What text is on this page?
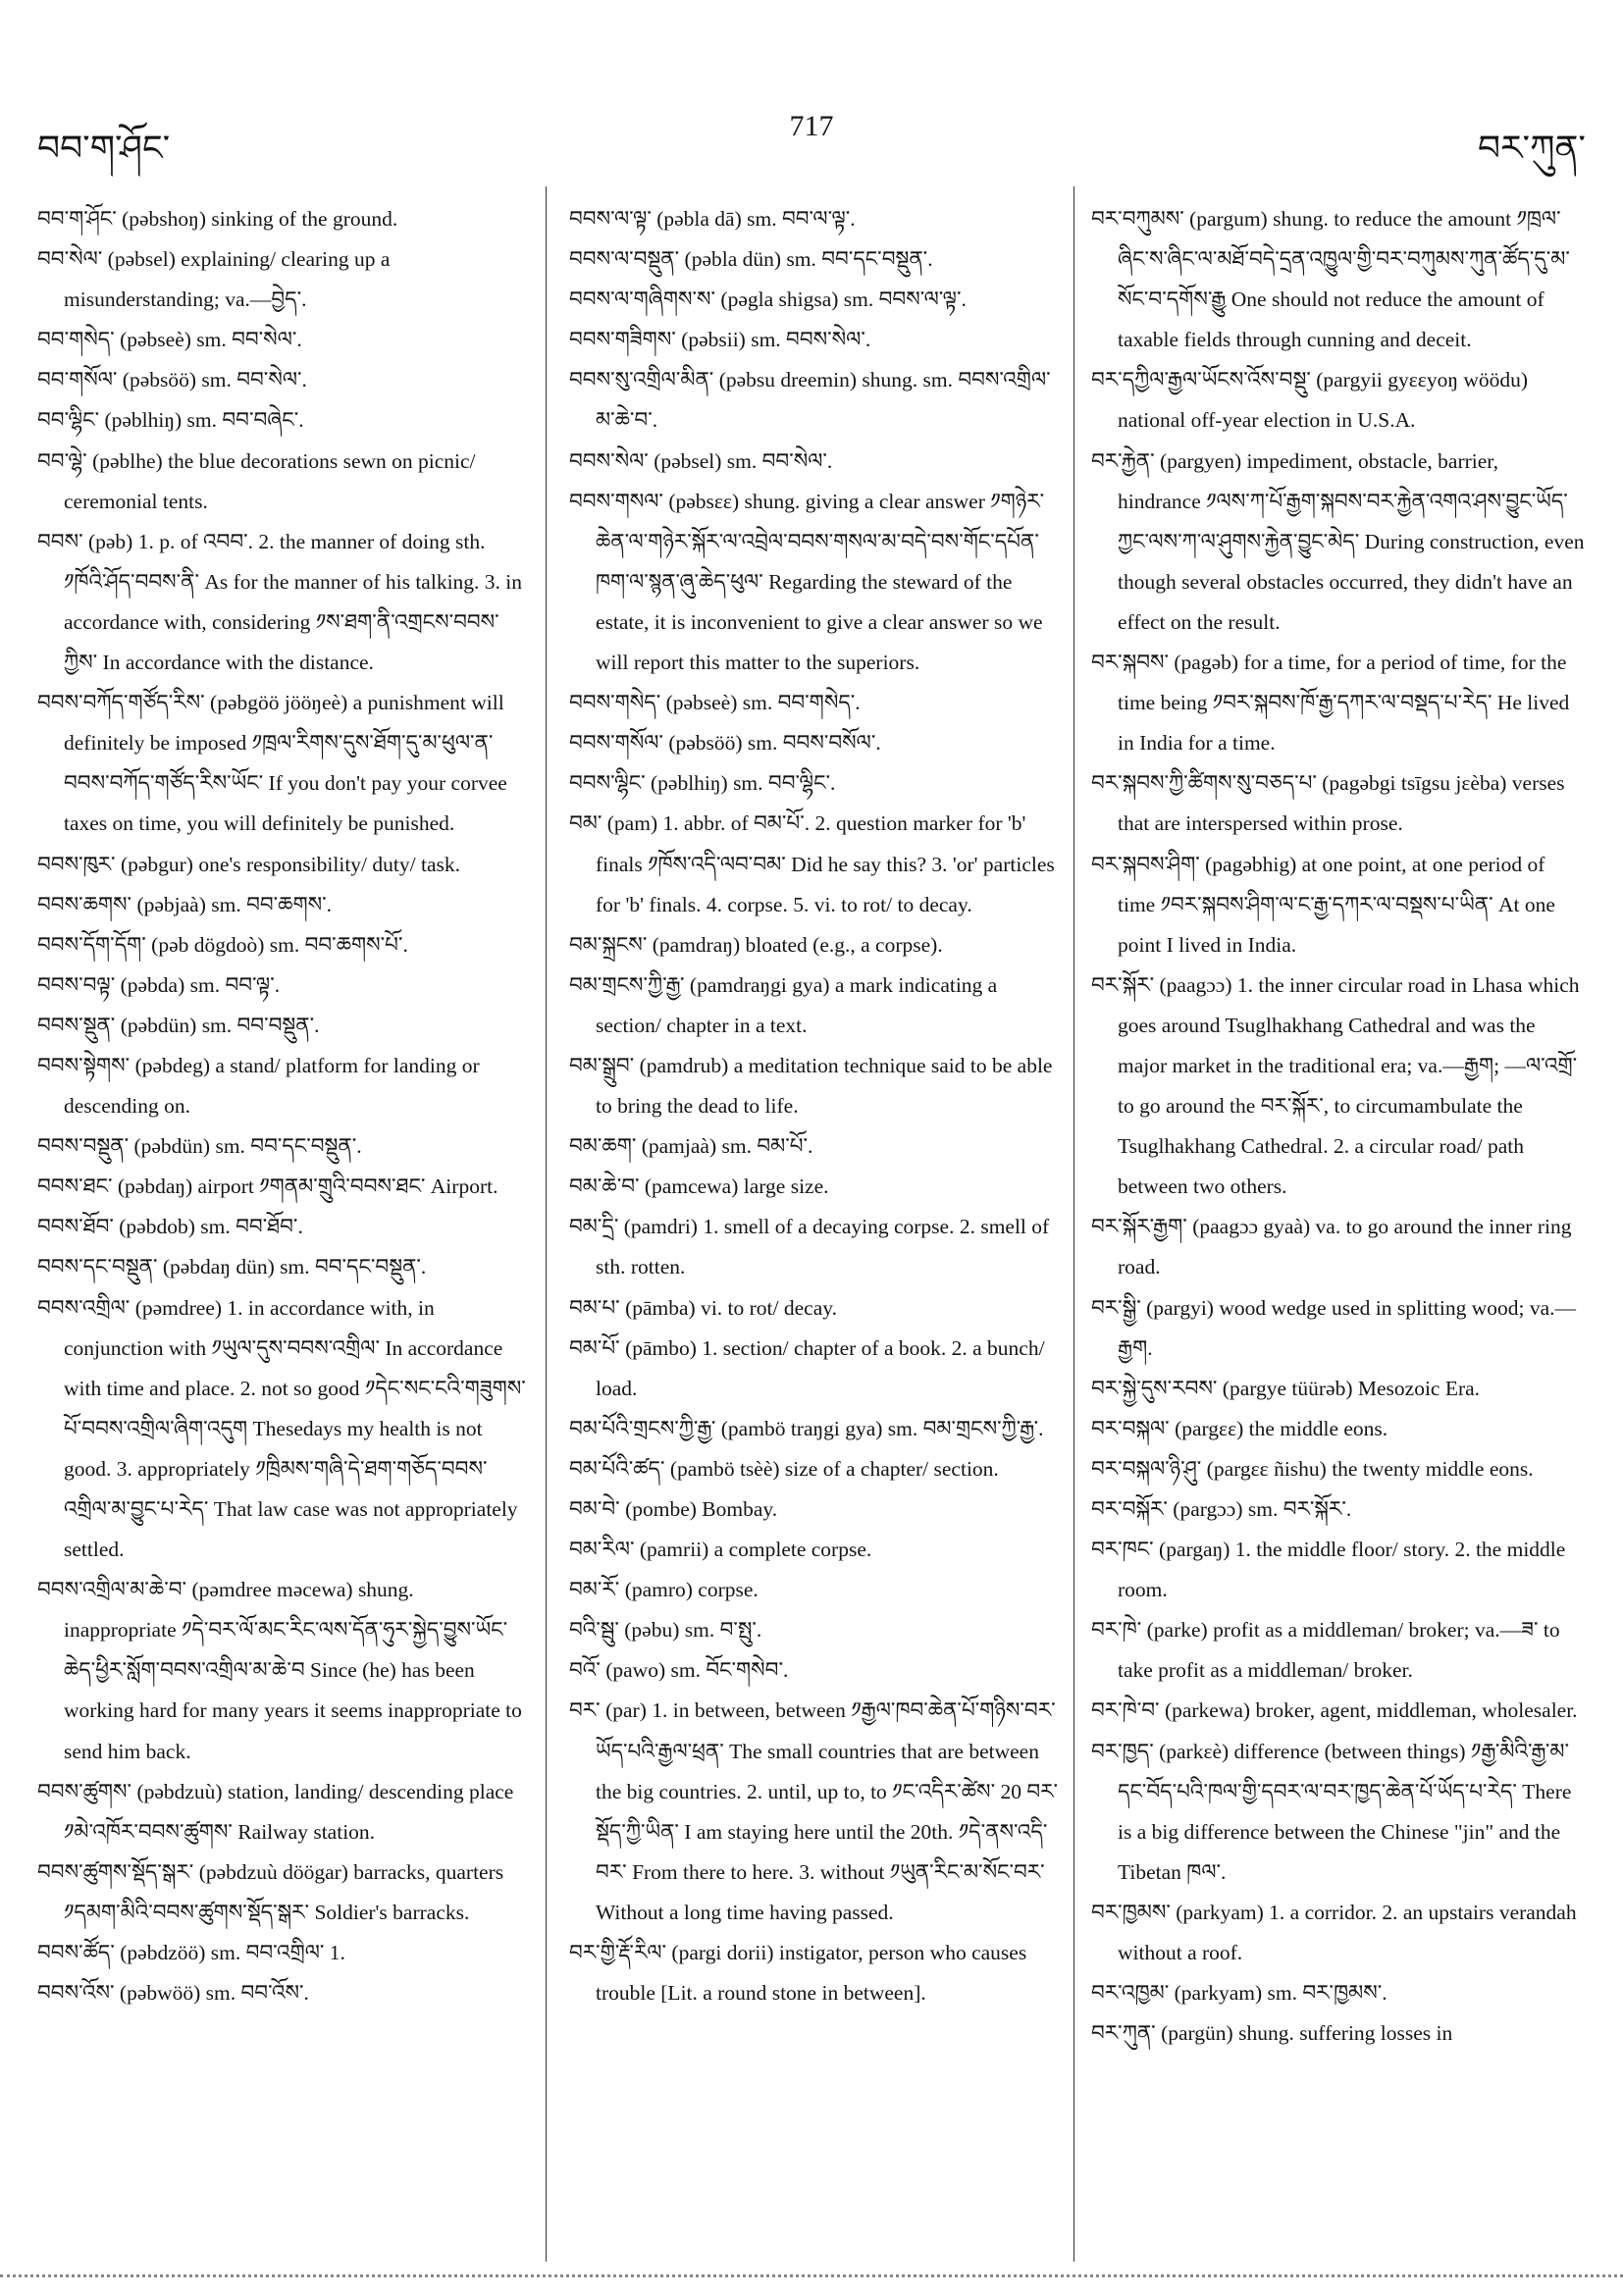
བབ་ག་ཤོང་
717
བར་ཀུན་

བབ་ག་ཤོང་ (pəbshoŋ) sinking of the ground.

བབ་སེལ་ (pəbsel) explaining/ clearing up a misunderstanding; va.—བྱེད་.

བབ་གསེད་ (pəbseè) sm. བབ་སེལ་.

བབ་གསོལ་ (pəbsöö) sm. བབ་སེལ་.

བབ་ལྷིང་ (pəblhiŋ) sm. བབ་བཞེང་.

བབ་ལྷེ་ (pəblhe) the blue decorations sewn on picnic/ ceremonial tents.

བབས་ (pəb) 1. p. of འབབ་. 2. the manner of doing sth. ༡ཁོའི་ཤོད་བབས་ནི་ As for the manner of his talking. 3. in accordance with, considering ༡ས་ཐག་ནི་འགྲངས་བབས་ཀྱིས་ In accordance with the distance.

བབས་བཀོད་གཙོད་རིས་ (pəbgöö jööŋeè) a punishment will definitely be imposed ༡ཁྲལ་རིགས་དུས་ཐོག་དུ་མ་ཕུལ་ན་བབས་བཀོད་གཙོད་རིས་ཡོང་ If you don't pay your corvee taxes on time, you will definitely be punished.

བབས་ཁུར་ (pəbgur) one's responsibility/ duty/ task.

བབས་ཆགས་ (pəbjaà) sm. བབ་ཆགས་.

བབས་དོག་དོག་ (pəb dögdoò) sm. བབ་ཆགས་པོ་.

བབས་བལྟ་ (pəbda) sm. བབ་ལྟ་.

བབས་སྡུན་ (pəbdün) sm. བབ་བསྡུན་.

བབས་སྟེགས་ (pəbdeg) a stand/ platform for landing or descending on.

བབས་བསྡུན་ (pəbdün) sm. བབ་དང་བསྡུན་.

བབས་ཐང་ (pəbdaŋ) airport ༡གནམ་གྲུའི་བབས་ཐང་ Airport.

བབས་ཐོབ་ (pəbdob) sm. བབ་ཐོབ་.

བབས་དང་བསྡུན་ (pəbdaŋ dün) sm. བབ་དང་བསྡུན་.

བབས་འགྲིལ་ (pəmdree) 1. in accordance with, in conjunction with ༡ཡུལ་དུས་བབས་འགྲིལ་ In accordance with time and place. 2. not so good ༡དེང་སང་ངའི་གཟུགས་པོ་བབས་འགྲིལ་ཞིག་འདུག Thesedays my health is not good. 3. appropriately ༡ཁྲིམས་གཞི་དེ་ཐག་གཅོད་བབས་འགྲིལ་མ་བྱུང་པ་རེད་ That law case was not appropriately settled.

བབས་འགྲིལ་མ་ཆེ་བ་ (pəmdree məcewa) shung. inappropriate ༡དེ་བར་ལོ་མང་རིང་ལས་དོན་ཧུར་སྐྱེད་བྱུས་ཡོང་ཆེད་ཕྱིར་སློག་བབས་འགྲིལ་མ་ཆེ་བ Since (he) has been working hard for many years it seems inappropriate to send him back.

བབས་ཚུགས་ (pəbdzuù) station, landing/ descending place ༡མེ་འཁོར་བབས་ཚུགས་ Railway station.

བབས་ཚུགས་སྡོད་སྒར་ (pəbdzuù döögar) barracks, quarters ༡དམག་མིའི་བབས་ཚུགས་སྡོད་སྒར་ Soldier's barracks.

བབས་ཚོད་ (pəbdzöö) sm. བབ་འགྲིལ་ 1.

བབས་འོས་ (pəbwöö) sm. བབ་འོས་.

བབས་ལ་ལྟ་ (pəbla dā) sm. བབ་ལ་ལྟ་.

བབས་ལ་བསྡུན་ (pəbla dün) sm. བབ་དང་བསྡུན་.

བབས་ལ་གཞིགས་ས་ (pəgla shigsa) sm. བབས་ལ་ལྟ་.

བབས་གཟིགས་ (pəbsii) sm. བབས་སེལ་.

བབས་སུ་འགྲིལ་མིན་ (pəbsu dreemin) shung. sm. བབས་འགྲིལ་མ་ཆེ་བ་.

བབས་སེལ་ (pəbsel) sm. བབ་སེལ་.

བབས་གསལ་ (pəbsεε) shung. giving a clear answer ༡གཉེར་ཆེན་ལ་གཉེར་སྐོར་ལ་འབྲེལ་བབས་གསལ་མ་བདེ་བས་གོང་དཔོན་ཁག་ལ་སྙན་ཞུ་ཆེད་ཕུལ་ Regarding the steward of the estate, it is inconvenient to give a clear answer so we will report this matter to the superiors.

བབས་གསེད་ (pəbseè) sm. བབ་གསེད་.

བབས་གསོལ་ (pəbsöö) sm. བབས་བསོལ་.

བབས་ལྷིང་ (pəblhiŋ) sm. བབ་ལྷིང་.

བམ་ (pam) 1. abbr. of བམ་པོ་. 2. question marker for 'b' finals ༡ཁོས་འདི་ལབ་བམ་ Did he say this? 3. 'or' particles for 'b' finals. 4. corpse. 5. vi. to rot/ to decay.

བམ་སྐྲངས་ (pamdraŋ) bloated (e.g., a corpse).

བམ་གྲངས་ཀྱི་རྒྱ་ (pamdraŋgi gya) a mark indicating a section/ chapter in a text.

བམ་སྒྲུབ་ (pamdrub) a meditation technique said to be able to bring the dead to life.

བམ་ཆག་ (pamjaà) sm. བམ་པོ་.

བམ་ཆེ་བ་ (pamcewa) large size.

བམ་དྲི་ (pamdri) 1. smell of a decaying corpse. 2. smell of sth. rotten.

བམ་པ་ (pāmba) vi. to rot/ decay.

བམ་པོ་ (pāmbo) 1. section/ chapter of a book. 2. a bunch/ load.

བམ་པོའི་གྲངས་ཀྱི་རྒྱ་ (pambö traŋgi gya) sm. བམ་གྲངས་ཀྱི་རྒྱ་.

བམ་པོའི་ཚད་ (pambö tsèè) size of a chapter/ section.

བམ་བེ་ (pombe) Bombay.

བམ་རིལ་ (pamrii) a complete corpse.

བམ་རོ་ (pamro) corpse.

བའི་སྦུ་ (pəbu) sm. བ་སྤུ་.

བའོ་ (pawo) sm. བོང་གསེབ་.

བར་ (par) 1. in between, between ༡རྒྱལ་ཁབ་ཆེན་པོ་གཉིས་བར་ཡོད་པའི་རྒྱལ་ཕྲན་ The small countries that are between the big countries. 2. until, up to, to ༡ང་འདིར་ཚེས་ 20 བར་སྡོད་ཀྱི་ཡིན་ I am staying here until the 20th. ༡དེ་ནས་འདི་བར་ From there to here. 3. without ༡ཡུན་རིང་མ་སོང་བར་ Without a long time having passed.

བར་གྱི་རྡོ་རིལ་ (pargi dorii) instigator, person who causes trouble [Lit. a round stone in between].

བར་བཀུམས་ (pargum) shung. to reduce the amount ༡ཁྲལ་ཞིང་ས་ཞིང་ལ་མཐོ་བདེ་དྲན་འཁྱུལ་གྱི་བར་བཀུམས་ཀུན་ཚོད་དུ་མ་སོང་བ་དགོས་རྒྱུ One should not reduce the amount of taxable fields through cunning and deceit.

བར་དཀྱིལ་རྒྱལ་ཡོངས་འོས་བསྡུ་ (pargyii gyεεyoŋ wöödu) national off-year election in U.S.A.

བར་རྐྱེན་ (pargyen) impediment, obstacle, barrier, hindrance ༡ལས་ཀ་པོ་རྒྱག་སྐབས་བར་རྐྱེན་འགའ་ཤས་བྱུང་ཡོད་ཀྱང་ལས་ཀ་ལ་ཤུགས་རྐྱེན་བྱུང་མེད་ During construction, even though several obstacles occurred, they didn't have an effect on the result.

བར་སྐབས་ (pagəb) for a time, for a period of time, for the time being ༡བར་སྐབས་ཁོ་རྒྱ་དཀར་ལ་བསྡད་པ་རེད་ He lived in India for a time.

བར་སྐབས་ཀྱི་ཚིགས་སུ་བཅད་པ་ (pagəbgi tsīgsu jεèba) verses that are interspersed within prose.

བར་སྐབས་ཤིག་ (pagəbhig) at one point, at one period of time ༡བར་སྐབས་ཤིག་ལ་ང་རྒྱ་དཀར་ལ་བསྡས་པ་ཡིན་ At one point I lived in India.

བར་སྐོར་ (paagɔɔ) 1. the inner circular road in Lhasa which goes around Tsuglhakhang Cathedral and was the major market in the traditional era; va.—རྒྱག; —ལ་འགྲོ་ to go around the བར་སྐོར་, to circumambulate the Tsuglhakhang Cathedral. 2. a circular road/ path between two others.

བར་སྐོར་རྒྱག་ (paagɔɔ gyaà) va. to go around the inner ring road.

བར་སྒྱི་ (pargyi) wood wedge used in splitting wood; va.—རྒྱག.

བར་སྐྱེ་དུས་རབས་ (pargye tüürəb) Mesozoic Era.

བར་བསྐལ་ (pargεε) the middle eons.

བར་བསྐལ་ཉི་ཤུ་ (pargεε ñishu) the twenty middle eons.

བར་བསྐོར་ (pargɔɔ) sm. བར་སྐོར་.

བར་ཁང་ (pargaŋ) 1. the middle floor/ story. 2. the middle room.

བར་ཁེ་ (parke) profit as a middleman/ broker; va.—ཟ་ to take profit as a middleman/ broker.

བར་ཁེ་བ་ (parkewa) broker, agent, middleman, wholesaler.

བར་ཁྱད་ (parkεè) difference (between things) ༡རྒྱ་མིའི་རྒྱ་མ་དང་བོད་པའི་ཁལ་གྱི་དབར་ལ་བར་ཁྱད་ཆེན་པོ་ཡོད་པ་རེད་ There is a big difference between the Chinese "jin" and the Tibetan ཁལ་.

བར་ཁྱམས་ (parkyam) 1. a corridor. 2. an upstairs verandah without a roof.

བར་འཁྱམ་ (parkyam) sm. བར་ཁྱམས་.

བར་ཀུན་ (pargün) shung. suffering losses in
